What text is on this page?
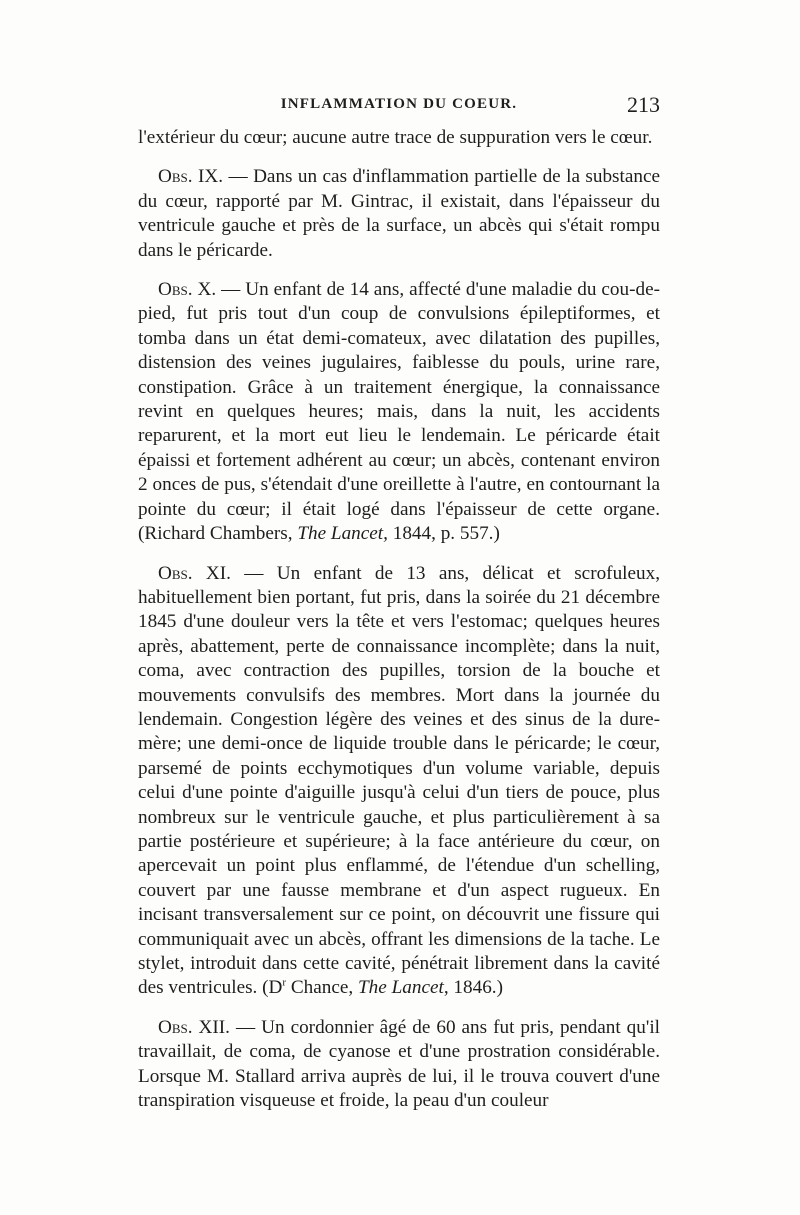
INFLAMMATION DU COEUR.	213

l'extérieur du cœur; aucune autre trace de suppuration vers le cœur.

Obs. IX. — Dans un cas d'inflammation partielle de la substance du cœur, rapporté par M. Gintrac, il existait, dans l'épaisseur du ventricule gauche et près de la surface, un abcès qui s'était rompu dans le péricarde.

Obs. X. — Un enfant de 14 ans, affecté d'une maladie du cou-de-pied, fut pris tout d'un coup de convulsions épileptiformes, et tomba dans un état demi-comateux, avec dilatation des pupilles, distension des veines jugulaires, faiblesse du pouls, urine rare, constipation. Grâce à un traitement énergique, la connaissance revint en quelques heures; mais, dans la nuit, les accidents reparurent, et la mort eut lieu le lendemain. Le péricarde était épaissi et fortement adhérent au cœur; un abcès, contenant environ 2 onces de pus, s'étendait d'une oreillette à l'autre, en contournant la pointe du cœur; il était logé dans l'épaisseur de cette organe. (Richard Chambers, The Lancet, 1844, p. 557.)

Obs. XI. — Un enfant de 13 ans, délicat et scrofuleux, habituellement bien portant, fut pris, dans la soirée du 21 décembre 1845 d'une douleur vers la tête et vers l'estomac; quelques heures après, abattement, perte de connaissance incomplète; dans la nuit, coma, avec contraction des pupilles, torsion de la bouche et mouvements convulsifs des membres. Mort dans la journée du lendemain. Congestion légère des veines et des sinus de la dure-mère; une demi-once de liquide trouble dans le péricarde; le cœur, parsemé de points ecchymotiques d'un volume variable, depuis celui d'une pointe d'aiguille jusqu'à celui d'un tiers de pouce, plus nombreux sur le ventricule gauche, et plus particulièrement à sa partie postérieure et supérieure; à la face antérieure du cœur, on apercevait un point plus enflammé, de l'étendue d'un schelling, couvert par une fausse membrane et d'un aspect rugueux. En incisant transversalement sur ce point, on découvrit une fissure qui communiquait avec un abcès, offrant les dimensions de la tache. Le stylet, introduit dans cette cavité, pénétrait librement dans la cavité des ventricules. ($D^r$ Chance, The Lancet, 1846.)

Obs. XII. — Un cordonnier âgé de 60 ans fut pris, pendant qu'il travaillait, de coma, de cyanose et d'une prostration considérable. Lorsque M. Stallard arriva auprès de lui, il le trouva couvert d'une transpiration visqueuse et froide, la peau d'un couleur
